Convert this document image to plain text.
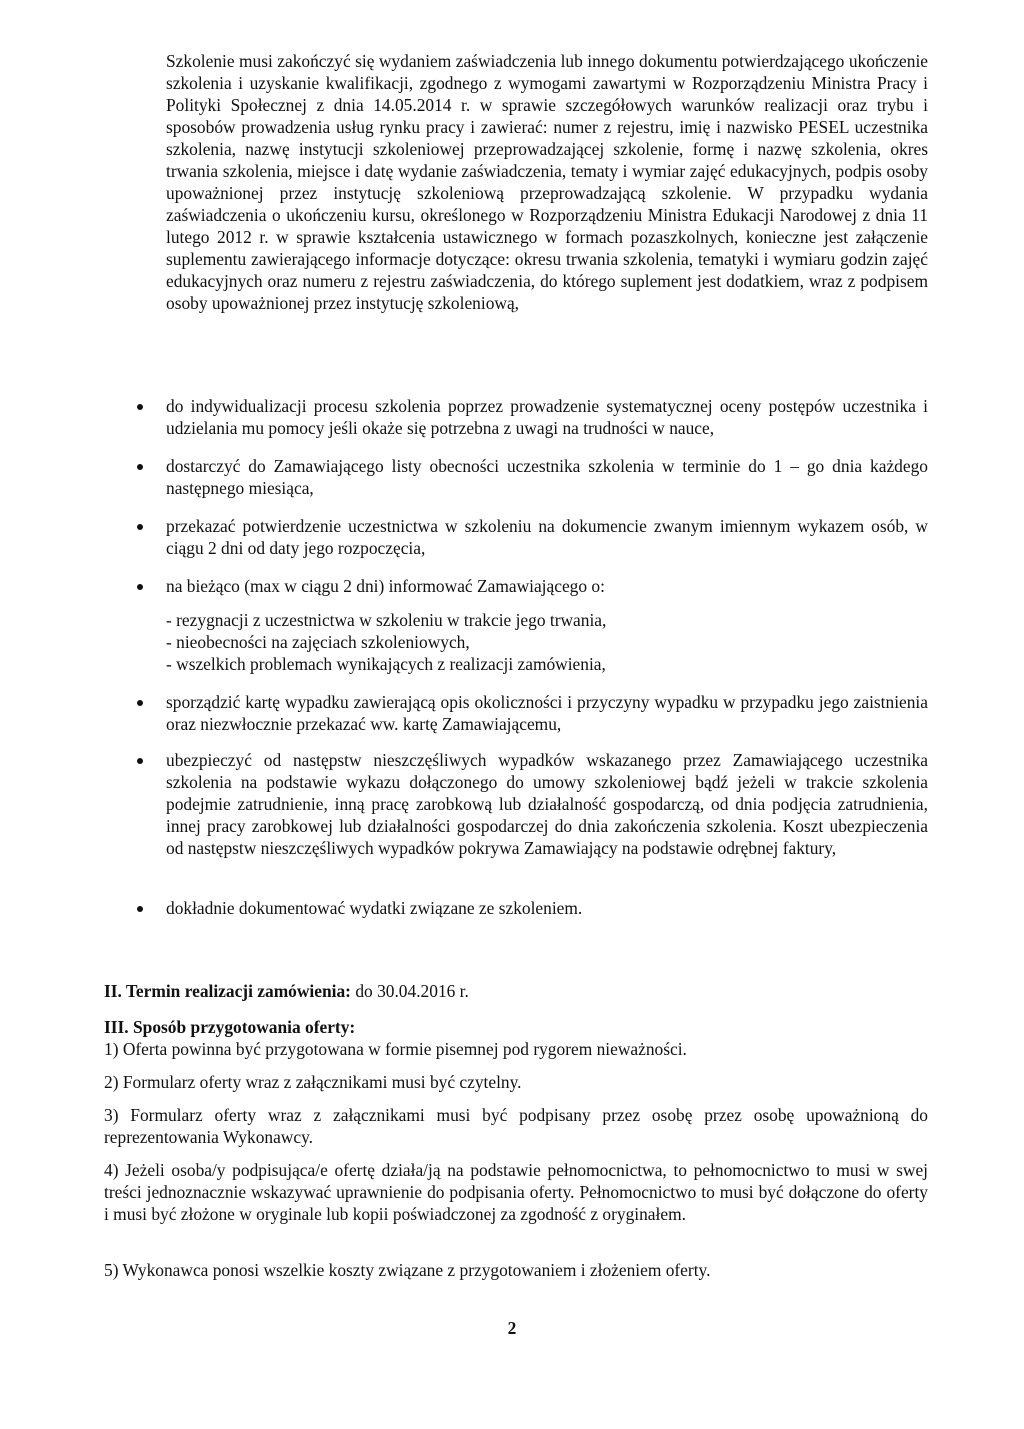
Szkolenie musi zakończyć się wydaniem zaświadczenia lub innego dokumentu potwierdzającego ukończenie szkolenia i uzyskanie kwalifikacji, zgodnego z wymogami zawartymi w Rozporządzeniu Ministra Pracy i Polityki Społecznej z dnia 14.05.2014 r. w sprawie szczegółowych warunków realizacji oraz trybu i sposobów prowadzenia usług rynku pracy i zawierać: numer z rejestru, imię i nazwisko PESEL uczestnika szkolenia, nazwę instytucji szkoleniowej przeprowadzającej szkolenie, formę i nazwę szkolenia, okres trwania szkolenia, miejsce i datę wydanie zaświadczenia, tematy i wymiar zajęć edukacyjnych, podpis osoby upoważnionej przez instytucję szkoleniową przeprowadzającą szkolenie. W przypadku wydania zaświadczenia o ukończeniu kursu, określonego w Rozporządzeniu Ministra Edukacji Narodowej z dnia 11 lutego 2012 r. w sprawie kształcenia ustawicznego w formach pozaszkolnych, konieczne jest załączenie suplementu zawierającego informacje dotyczące: okresu trwania szkolenia, tematyki i wymiaru godzin zajęć edukacyjnych oraz numeru z rejestru zaświadczenia, do którego suplement jest dodatkiem, wraz z podpisem osoby upoważnionej przez instytucję szkoleniową,

do indywidualizacji procesu szkolenia poprzez prowadzenie systematycznej oceny postępów uczestnika i udzielania mu pomocy jeśli okaże się potrzebna z uwagi na trudności w nauce,

dostarczyć do Zamawiającego listy obecności uczestnika szkolenia w terminie do 1 – go dnia każdego następnego miesiąca,

przekazać potwierdzenie uczestnictwa w szkoleniu na dokumencie zwanym imiennym wykazem osób, w ciągu 2 dni od daty jego rozpoczęcia,

na bieżąco (max w ciągu 2 dni) informować Zamawiającego o:

- rezygnacji z uczestnictwa w szkoleniu w trakcie jego trwania,
- nieobecności na zajęciach szkoleniowych,
- wszelkich problemach wynikających z realizacji zamówienia,

sporządzić kartę wypadku zawierającą opis okoliczności i przyczyny wypadku w przypadku jego zaistnienia oraz niezwłocznie przekazać ww. kartę Zamawiającemu,

ubezpieczyć od następstw nieszczęśliwych wypadków wskazanego przez Zamawiającego uczestnika szkolenia na podstawie wykazu dołączonego do umowy szkoleniowej bądź jeżeli w trakcie szkolenia podejmie zatrudnienie, inną pracę zarobkową lub działalność gospodarczą, od dnia podjęcia zatrudnienia, innej pracy zarobkowej lub działalności gospodarczej do dnia zakończenia szkolenia. Koszt ubezpieczenia od następstw nieszczęśliwych wypadków pokrywa Zamawiający na podstawie odrębnej faktury,

dokładnie dokumentować wydatki związane ze szkoleniem.

II. Termin realizacji zamówienia: do 30.04.2016 r.
III. Sposób przygotowania oferty:

1) Oferta powinna być przygotowana w formie pisemnej pod rygorem nieważności.

2) Formularz oferty wraz z załącznikami musi być czytelny.

3) Formularz oferty wraz z załącznikami musi być podpisany przez osobę przez osobę upoważnioną do reprezentowania Wykonawcy.

4) Jeżeli osoba/y podpisująca/e ofertę działa/ją na podstawie pełnomocnictwa, to pełnomocnictwo to musi w swej treści jednoznacznie wskazywać uprawnienie do podpisania oferty. Pełnomocnictwo to musi być dołączone do oferty i musi być złożone w oryginale lub kopii poświadczonej za zgodność z oryginałem.

5) Wykonawca ponosi wszelkie koszty związane z przygotowaniem i złożeniem oferty.

2
